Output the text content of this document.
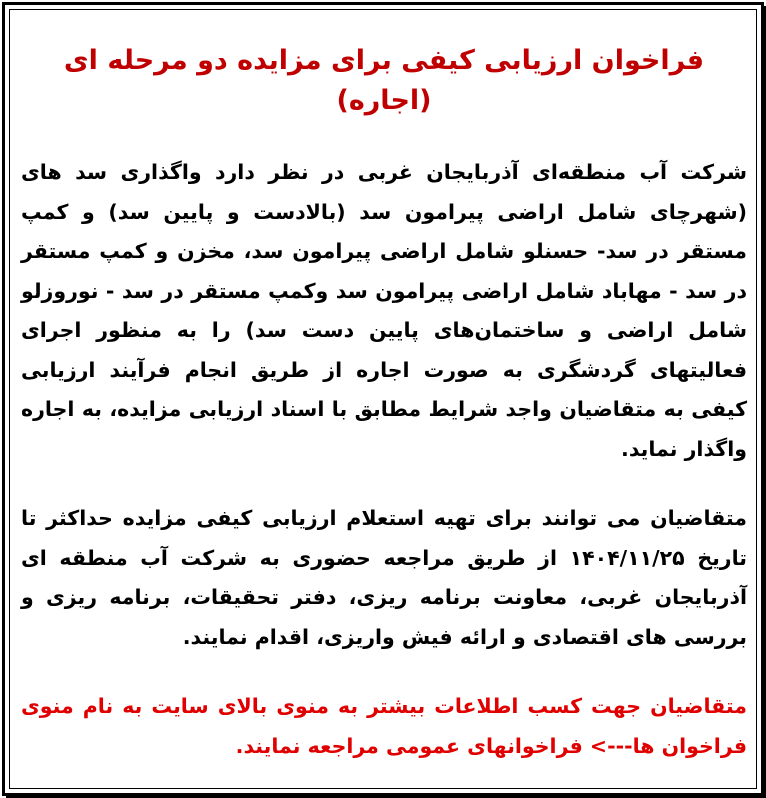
فراخوان ارزیابی کیفی برای مزایده دو مرحله ای (اجاره)

شرکت آب منطقه‌ای آذربایجان غربی در نظر دارد واگذاری سد های (شهرچای شامل اراضی پیرامون سد (بالادست و پایین سد) و کمپ مستقر در سد- حسنلو شامل اراضی پیرامون سد، مخزن و کمپ مستقر در سد - مهاباد شامل اراضی پیرامون سد وکمپ مستقر در سد - نوروزلو شامل اراضی و ساختمان‌های پایین دست سد) را به منظور اجرای فعالیتهای گردشگری به صورت اجاره از طریق انجام فرآیند ارزیابی کیفی به متقاضیان واجد شرایط مطابق با اسناد ارزیابی مزایده، به اجاره واگذار نماید.

متقاضیان می توانند برای تهیه استعلام ارزیابی کیفی مزایده حداکثر تا تاریخ ۱۴۰۴/۱۱/۲۵ از طریق مراجعه حضوری به شرکت آب منطقه ای آذربایجان غربی، معاونت برنامه ریزی، دفتر تحقیقات، برنامه ریزی و بررسی های اقتصادی و ارائه فیش واریزی، اقدام نمایند.

متقاضیان جهت کسب اطلاعات بیشتر به منوی بالای سایت به نام منوی فراخوان ها---> فراخوانهای عمومی مراجعه نمایند.
